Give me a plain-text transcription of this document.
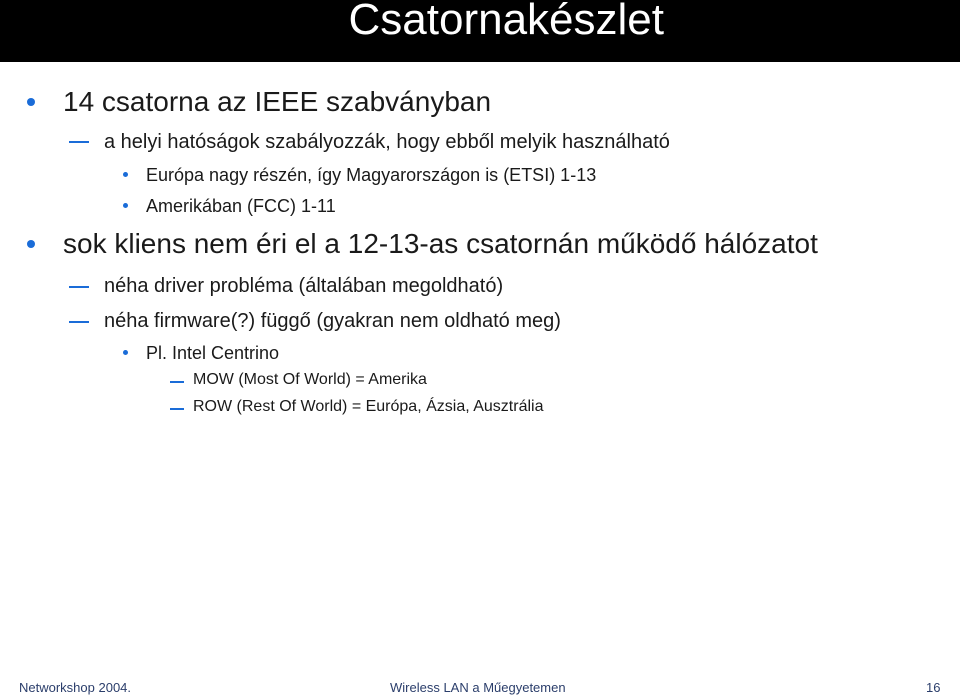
Csatornakészlet
14 csatorna az IEEE szabványban
a helyi hatóságok szabályozzák, hogy ebből melyik használható
Európa nagy részén, így Magyarországon is (ETSI) 1-13
Amerikában (FCC) 1-11
sok kliens nem éri el a 12-13-as csatornán működő hálózatot
néha driver probléma (általában megoldható)
néha firmware(?) függő (gyakran nem oldható meg)
Pl. Intel Centrino
MOW (Most Of World) = Amerika
ROW (Rest Of World) = Európa, Ázsia, Ausztrália
Networkshop 2004.	Wireless LAN a Műegyetemen	16
